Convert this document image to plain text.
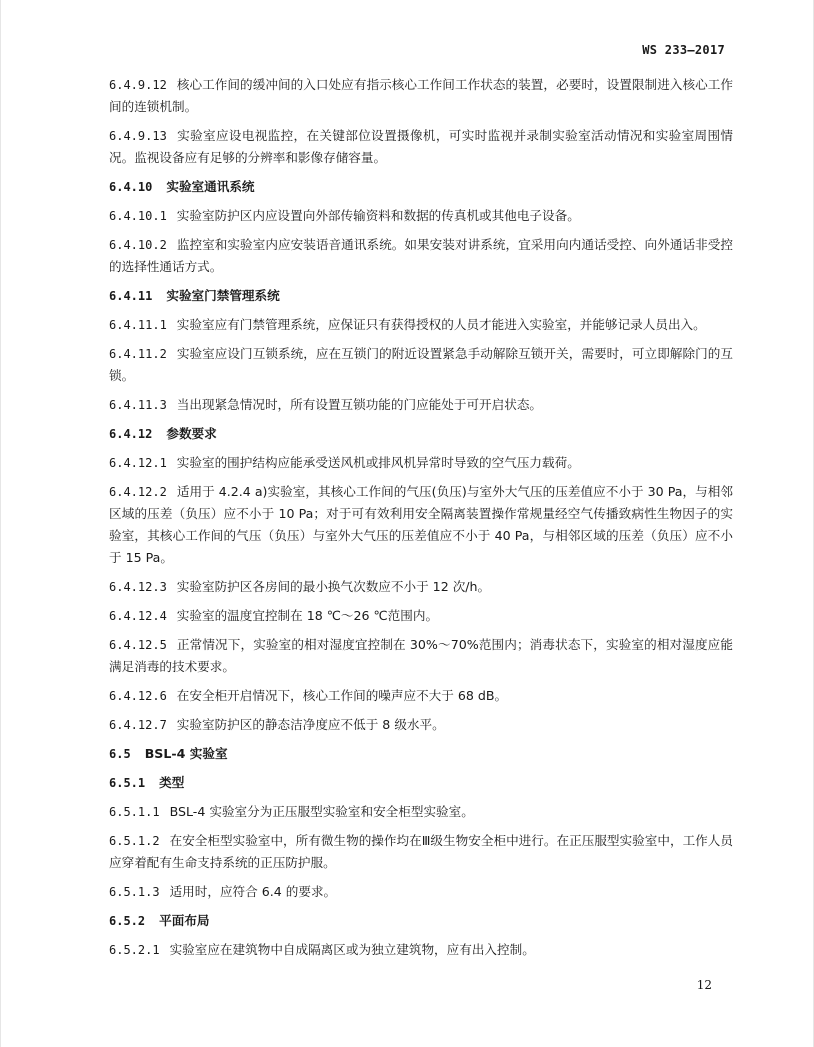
WS 233—2017
6.4.9.12 核心工作间的缓冲间的入口处应有指示核心工作间工作状态的装置，必要时，设置限制进入核心工作间的连锁机制。
6.4.9.13 实验室应设电视监控，在关键部位设置摄像机，可实时监视并录制实验室活动情况和实验室周围情况。监视设备应有足够的分辨率和影像存储容量。
6.4.10 实验室通讯系统
6.4.10.1 实验室防护区内应设置向外部传输资料和数据的传真机或其他电子设备。
6.4.10.2 监控室和实验室内应安装语音通讯系统。如果安装对讲系统，宜采用向内通话受控、向外通话非受控的选择性通话方式。
6.4.11 实验室门禁管理系统
6.4.11.1 实验室应有门禁管理系统，应保证只有获得授权的人员才能进入实验室，并能够记录人员出入。
6.4.11.2 实验室应设门互锁系统，应在互锁门的附近设置紧急手动解除互锁开关，需要时，可立即解除门的互锁。
6.4.11.3 当出现紧急情况时，所有设置互锁功能的门应能处于可开启状态。
6.4.12 参数要求
6.4.12.1 实验室的围护结构应能承受送风机或排风机异常时导致的空气压力载荷。
6.4.12.2 适用于 4.2.4 a)实验室，其核心工作间的气压(负压)与室外大气压的压差值应不小于 30 Pa，与相邻区域的压差（负压）应不小于 10 Pa；对于可有效利用安全隔离装置操作常规量经空气传播致病性生物因子的实验室，其核心工作间的气压（负压）与室外大气压的压差值应不小于 40 Pa，与相邻区域的压差（负压）应不小于 15 Pa。
6.4.12.3 实验室防护区各房间的最小换气次数应不小于 12 次/h。
6.4.12.4 实验室的温度宜控制在 18 ℃～26 ℃范围内。
6.4.12.5 正常情况下，实验室的相对湿度宜控制在 30%～70%范围内；消毒状态下，实验室的相对湿度应能满足消毒的技术要求。
6.4.12.6 在安全柜开启情况下，核心工作间的噪声应不大于 68 dB。
6.4.12.7 实验室防护区的静态洁净度应不低于 8 级水平。
6.5 BSL-4 实验室
6.5.1 类型
6.5.1.1 BSL-4 实验室分为正压服型实验室和安全柜型实验室。
6.5.1.2 在安全柜型实验室中，所有微生物的操作均在Ⅲ级生物安全柜中进行。在正压服型实验室中，工作人员应穿着配有生命支持系统的正压防护服。
6.5.1.3 适用时，应符合 6.4 的要求。
6.5.2 平面布局
6.5.2.1 实验室应在建筑物中自成隔离区或为独立建筑物，应有出入控制。
12
